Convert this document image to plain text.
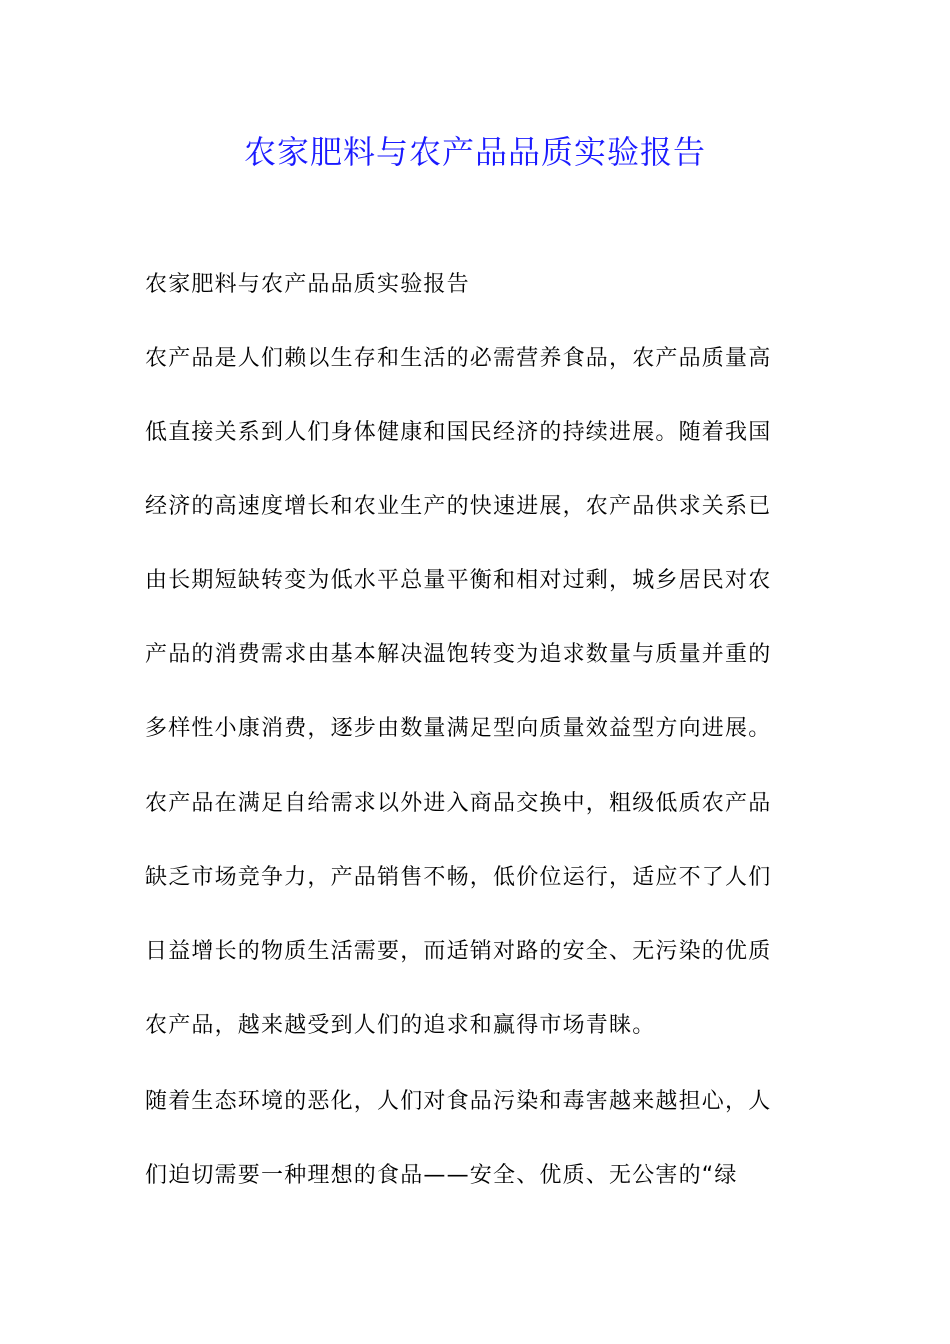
农家肥料与农产品品质实验报告

农家肥料与农产品品质实验报告

农产品是人们赖以生存和生活的必需营养食品，农产品质量高
低直接关系到人们身体健康和国民经济的持续进展。随着我国
经济的高速度增长和农业生产的快速进展，农产品供求关系已
由长期短缺转变为低水平总量平衡和相对过剩，城乡居民对农
产品的消费需求由基本解决温饱转变为追求数量与质量并重的
多样性小康消费，逐步由数量满足型向质量效益型方向进展。
农产品在满足自给需求以外进入商品交换中，粗级低质农产品
缺乏市场竞争力，产品销售不畅，低价位运行，适应不了人们
日益增长的物质生活需要，而适销对路的安全、无污染的优质
农产品，越来越受到人们的追求和赢得市场青睐。
随着生态环境的恶化，人们对食品污染和毒害越来越担心，人
们迫切需要一种理想的食品——安全、优质、无公害的“绿
